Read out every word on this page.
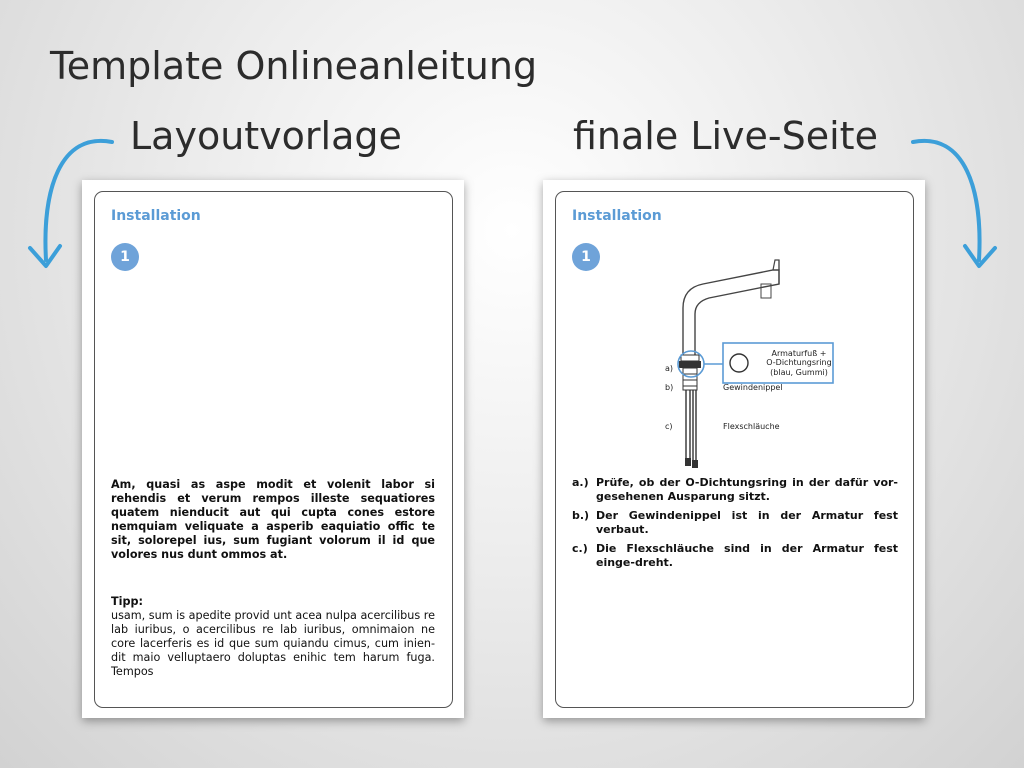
Template Onlineanleitung
Layoutvorlage	finale Live-Seite
Installation
1
Am, quasi as aspe modit et volenit labor si rehendis et verum rempos illeste sequatiores quatem nienducit aut qui cupta cones estore nemquiam veliquate a asperib eaquiatio offic te sit, solorepel ius, sum fugiant volorum il id que volores nus dunt ommos at.
Tipp:
usam, sum is apedite provid unt acea nulpa acercilibus re lab iuribus, o acercilibus re lab iuribus, omnimaion ne core lacerferis es id que sum quiandu cimus, cum inien-dit maio velluptaero doluptas enihic tem harum fuga. Tempos
Installation
1
Armaturfuß +
O-Dichtungsring
(blau, Gummi)
a)
b)
c)
Gewindenippel
Flexschläuche
a.) Prüfe, ob der O-Dichtungsring in der dafür vor-gesehenen Ausparung sitzt.
b.) Der Gewindenippel ist in der Armatur fest verbaut.
c.) Die Flexschläuche sind in der Armatur fest einge-dreht.
